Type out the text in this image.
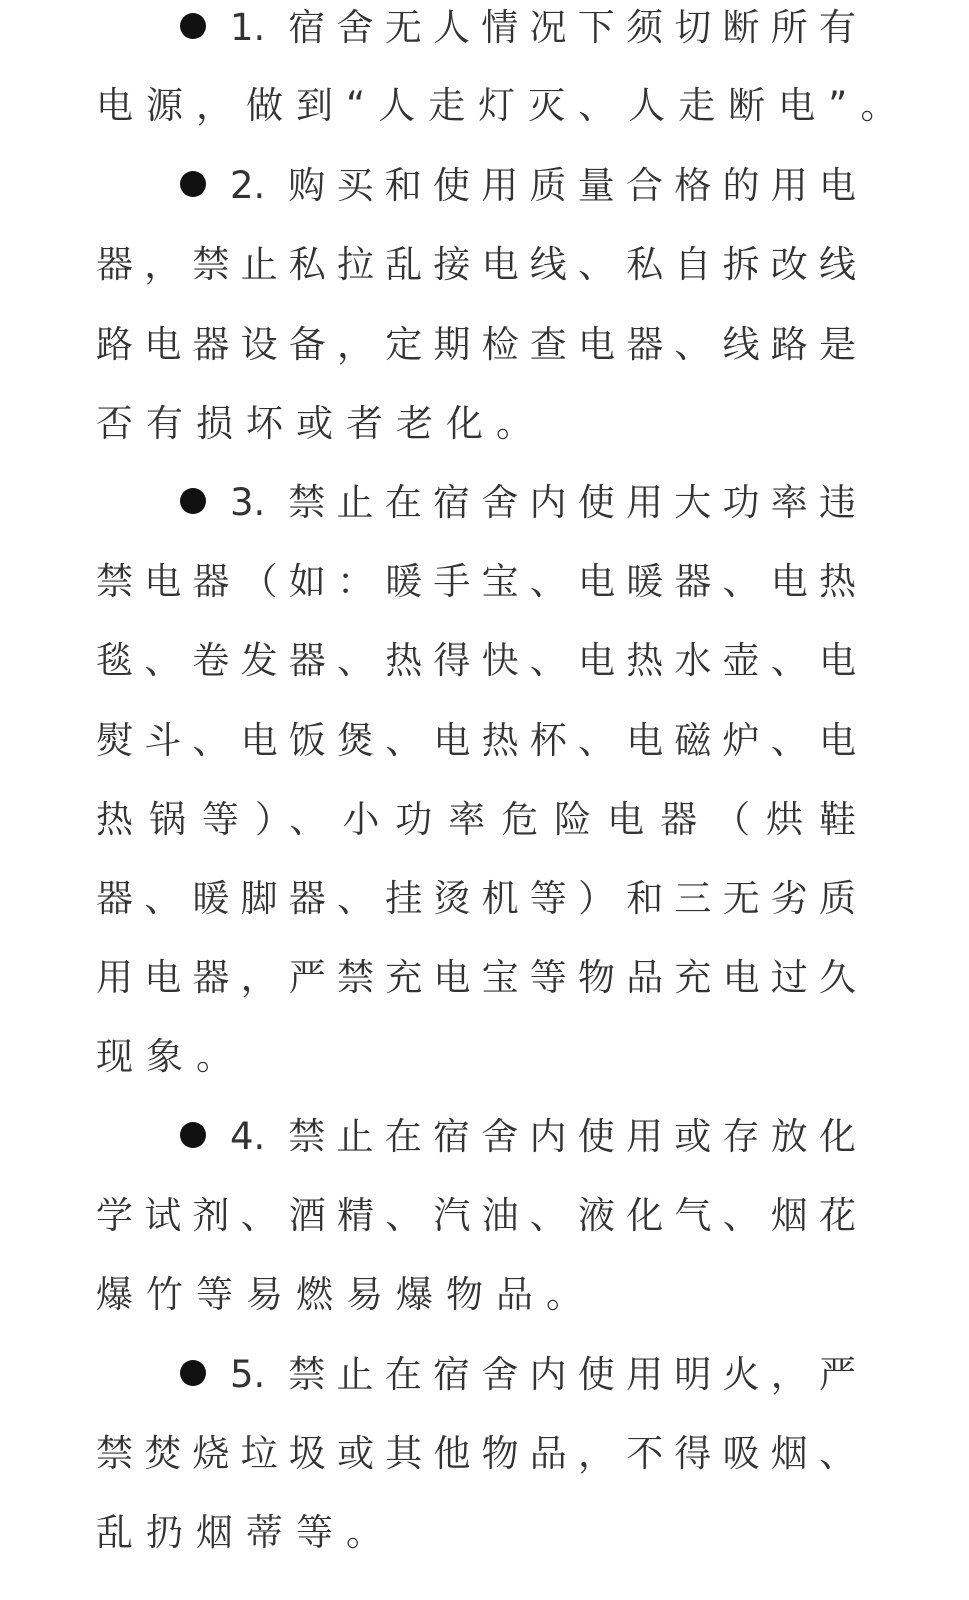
1. 宿舍无人情况下须切断所有
电源，做到“人走灯灭、人走断电”。
2. 购买和使用质量合格的用电
器，禁止私拉乱接电线、私自拆改线
路电器设备，定期检查电器、线路是
否有损坏或者老化。
3. 禁止在宿舍内使用大功率违
禁电器（如：暖手宝、电暖器、电热
毯、卷发器、热得快、电热水壶、电
熨斗、电饭煲、电热杯、电磁炉、电
热锅等）、小功率危险电器（烘鞋
器、暖脚器、挂烫机等）和三无劣质
用电器，严禁充电宝等物品充电过久
现象。
4. 禁止在宿舍内使用或存放化
学试剂、酒精、汽油、液化气、烟花
爆竹等易燃易爆物品。
5. 禁止在宿舍内使用明火，严
禁焚烧垃圾或其他物品，不得吸烟、
乱扔烟蒂等。
